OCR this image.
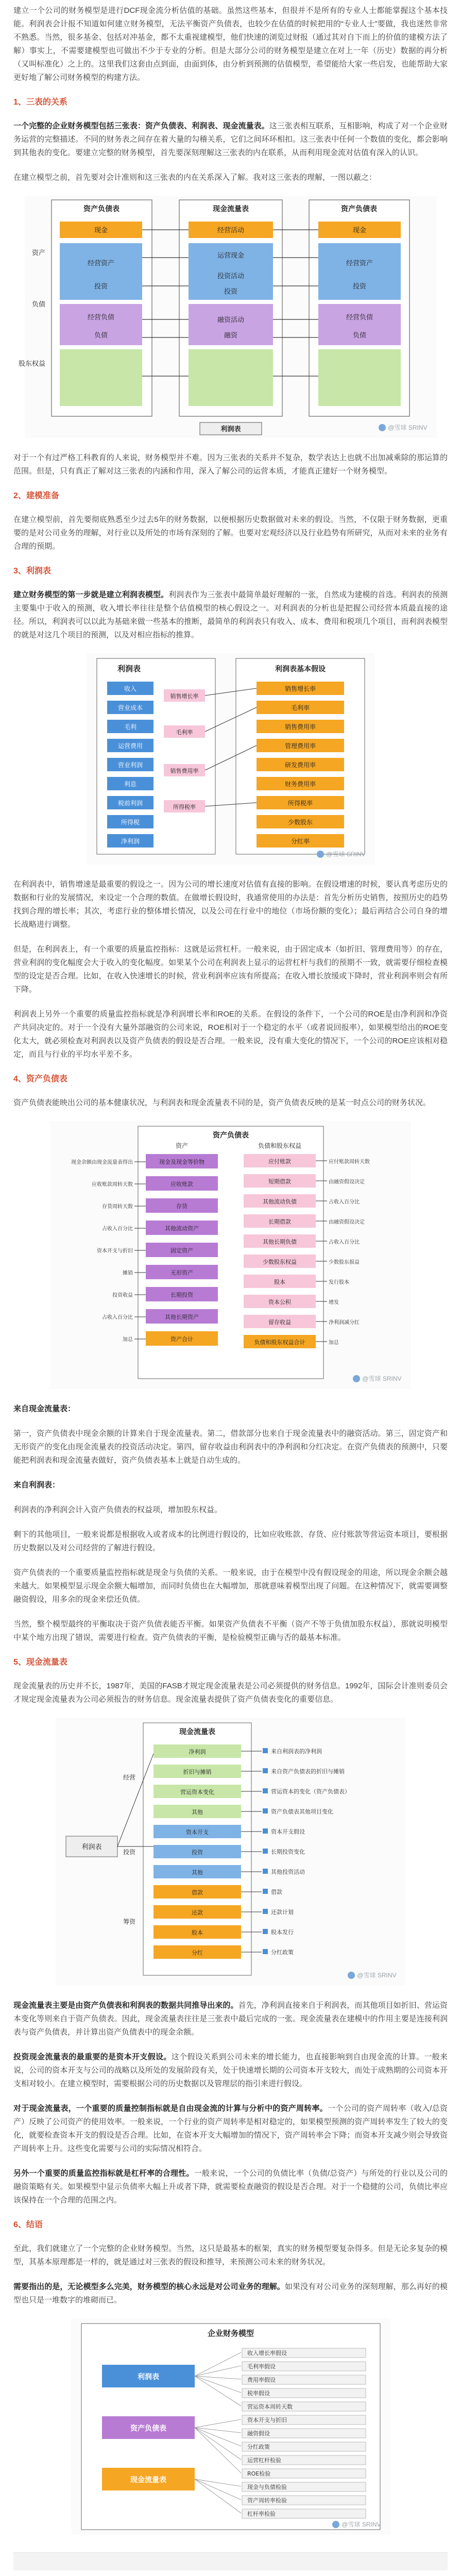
建立一个公司的财务模型是进行DCF现金流分析估值的基础。虽然这些基本，但很并不是所有的专业人士都能掌握这个基本技能。利润表会计报不知道如何建立财务模型，无法平衡资产负债表，也较少在估值的时候把用的“专业人士”要做，我也迷然非常不熟悉。当然，很多基金、包括对冲基金，都不太重视建模型，他们快速的浏览过财报（通过其对自下而上的价值的建模方法了解）事实上，不需要建模型也可做出不少于专业的分析。但是大部分公司的财务模型是建立在对上一年（历史）数据的再分析（又叫标准化）之上的。这里我们这套由点到面，由面到体，由分析到预测的估值模型，希望能给大家一些启发，也能帮助大家更好地了解公司财务模型的构建方法。

1、三表的关系

一个完整的企业财务模型包括三张表：资产负债表、利润表、现金流量表。这三张表相互联系，互相影响，构成了对一个企业财务运营的完整描述。不同的财务表之间存在着大量的勾稽关系，它们之间环环相扣。这三张表中任何一个数值的变化，都会影响到其他表的变化。要建立完整的财务模型，首先要深刻理解这三张表的内在联系，从而利用现金流对估值有深入的认识。

在建立模型之前，首先要对会计准则和这三张表的内在关系深入了解。我对这三张表的理解，一图以蔽之：

资产负债表	现金流量表	资产负债表
资产
负债
股东权益
现金
经营资产
投资
经营负债
负债
经营活动
运营现金
投资活动
投资
融资活动
融资
现金
经营资产
投资
经营负债
负债
利润表	@雪球 SRINV

对于一个有过严格工科教育的人来说，财务模型并不难。因为三张表的关系并不复杂，数学表达上也就不出加减乘除的那运算的范围。但是，只有真正了解对这三张表的内涵和作用，深入了解公司的运营本质，才能真正建好一个财务模型。

2、建模准备

在建立模型前，首先要彻底熟悉至少过去5年的财务数据，以便根据历史数据做对未来的假设。当然，不仅限于财务数据，更重要的是对公司业务的理解，对行业以及所处的市场有深刻的了解。也要对宏观经济以及行业趋势有所研究，从而对未来的业务有合理的预期。

3、利润表

建立财务模型的第一步就是建立利润表模型。利润表作为三张表中最简单最好理解的一张，自然成为建模的首选。利润表的预测主要集中于收入的预测，收入增长率往往是整个估值模型的核心假设之一。对利润表的分析也是把握公司经营本质最直接的途径。所以，利润表可以以此为基础来做一些基本的推断，最简单的利润表只有收入、成本、费用和税项几个项目，而利润表模型的就是对这几个项目的预测，以及对相应指标的推算。

利润表
收入
营业成本
毛利
运营费用
营业利润
利息
税前利润
所得税
净利润
销售增长率
毛利率
销售费用率
所得税率
利润表基本假设
销售增长率
毛利率
销售费用率
管理费用率
研发费用率
财务费用率
所得税率
少数股东
分红率
@雪球 SRINV

在利润表中，销售增速是最重要的假设之一。因为公司的增长速度对估值有直接的影响。在假设增速的时候，要认真考虑历史的数据和行业的发展情况，来设定一个合理的数值。在做增长假设时，我通常使用的办法是：首先分析历史销售，按照历史的趋势找到合理的增长率；其次，考虑行业的整体增长情况，以及公司在行业中的地位（市场份额的变化）；最后再结合公司自身的增长战略进行调整。

但是，在利润表上，有一个重要的质量监控指标：这就是运营杠杆。一般来说，由于固定成本（如折旧、管理费用等）的存在，营业利润的变化幅度会大于收入的变化幅度。如果某个公司在利润表上显示的运营杠杆与我们的预期不一致，就需要仔细检查模型的设定是否合理。比如，在收入快速增长的时候，营业利润率应该有所提高；在收入增长放缓或下降时，营业利润率则会有所下降。

利润表上另外一个重要的质量监控指标就是净利润增长率和ROE的关系。在假设的条件下，一个公司的ROE是由净利润和净资产共同决定的。对于一个没有大量外部融资的公司来说，ROE相对于一个稳定的水平（或者说回报率），如果模型给出的ROE变化太大，就必须检查对利润表以及资产负债表的假设是否合理。一般来说，没有重大变化的情况下，一个公司的ROE应该相对稳定，而且与行业的平均水平差不多。

4、资产负债表

资产负债表能映出公司的基本健康状况，与利润表和现金流量表不同的是，资产负债表反映的是某一时点公司的财务状况。

资产负债表
资产	负债和股东权益
现金及现金等价物
应收账款
存货
其他流动资产
固定资产
无形资产
长期投资
其他长期资产
资产合计
应付账款
短期借款
其他流动负债
长期借款
其他长期负债
少数股东权益
股本
资本公积
留存收益
负债和股东权益合计
现金余额由现金流量表得出
应收账款周转天数
存货周转天数
占收入百分比
资本开支与折旧
摊销
投资收益
占收入百分比
加总
应付账款周转天数
由融资假设决定
占收入百分比
由融资假设决定
占收入百分比
少数股东损益
发行股本
增发
净利润减分红
加总
@雪球 SRINV

来自现金流量表：

第一，资产负债表中现金余额的计算来自于现金流量表。第二，借款部分也来自于现金流量表中的融资活动。第三，固定资产和无形资产的变化由现金流量表的投资活动决定。第四，留存收益由利润表中的净利润和分红决定。在资产负债表的预测中，只要能把利润表和现金流量表做好，资产负债表基本上就是自动生成的。

来自利润表：

利润表的净利润会计入资产负债表的权益项，增加股东权益。

剩下的其他项目，一般来说都是根据收入或者成本的比例进行假设的，比如应收账款、存货、应付账款等营运资本项目，要根据历史数据以及对公司经营的了解进行假设。

资产负债表的一个重要质量监控指标就是现金与负债的关系。一般来说，由于在模型中没有假设现金的用途，所以现金余额会越来越大。如果模型显示现金余额大幅增加，而同时负债也在大幅增加，那就意味着模型出现了问题。在这种情况下，就需要调整融资假设，用多余的现金来偿还负债。

当然，整个模型最终的平衡取决于资产负债表能否平衡。如果资产负债表不平衡（资产不等于负债加股东权益），那就说明模型中某个地方出现了错误，需要进行检查。资产负债表的平衡，是检验模型正确与否的最基本标准。

5、现金流量表

现金流量表的历史并不长，1987年，美国的FASB才规定现金流量表是公司必须提供的财务信息。1992年，国际会计准则委员会才规定现金流量表为公司必须报告的财务信息。现金流量表提供了资产负债表变化的重要信息。

利润表
现金流量表
经营
投资
筹资
净利润
折旧与摊销
营运资本变化
其他
资本开支
投资
其他
借款
还款
股本
分红
来自利润表的净利润
来自资产负债表的折旧与摊销
营运资本的变化（资产负债表）
资产负债表其他项目变化
资本开支假设
长期投资变化
其他投资活动
借款
还款计划
股本发行
分红政策
@雪球 SRINV

现金流量表主要是由资产负债表和利润表的数据共同推导出来的。首先，净利润直接来自于利润表，而其他项目如折旧、营运资本变化等则来自于资产负债表。因此，现金流量表往往是三张表中最后完成的一张。现金流量表在建模中的作用主要是连接利润表与资产负债表，并计算出资产负债表中的现金余额。

投资现金流量表的最重要的是资本开支假设。这个假设关系到公司未来的增长能力，也直接影响到自由现金流的计算。一般来说，公司的资本开支与公司的战略以及所处的发展阶段有关，处于快速增长期的公司资本开支较大，而处于成熟期的公司资本开支相对较小。在建立模型时，需要根据公司的历史数据以及管理层的指引来进行假设。

对于现金流量表，一个重要的质量控制指标就是自由现金流的计算与分析中的资产周转率。一个公司的资产周转率（收入/总资产）反映了公司资产的使用效率。一般来说，一个行业的资产周转率是相对稳定的，如果模型预测的资产周转率发生了较大的变化，就要检查资本开支的假设是否合理。比如，在资本开支大幅增加的情况下，资产周转率会下降；而资本开支减少则会导致资产周转率上升。这些变化需要与公司的实际情况相符合。

另外一个重要的质量监控指标就是杠杆率的合理性。一般来说，一个公司的负债比率（负债/总资产）与所处的行业以及公司的融资策略有关。如果模型中显示负债率大幅上升或者下降，就需要检查融资的假设是否合理。对于一个稳健的公司，负债比率应该保持在一个合理的范围之内。

6、结语

至此，我们就建立了一个完整的企业财务模型。当然，这只是最基本的框架，真实的财务模型要复杂得多。但是无论多复杂的模型，其基本原理都是一样的，就是通过对三张表的假设和推导，来预测公司未来的财务状况。

需要指出的是，无论模型多么完美，财务模型的核心永远是对公司业务的理解。如果没有对公司业务的深刻理解，那么再好的模型也只是一堆数字的堆砌而已。

企业财务模型
利润表
资产负债表
现金流量表
收入增长率假设
毛利率假设
费用率假设
税率假设
营运资本周转天数
资本开支与折旧
融资假设
分红政策
运营杠杆检验
ROE检验
现金与负债检验
资产周转率检验
杠杆率检验
@雪球 SRINV
